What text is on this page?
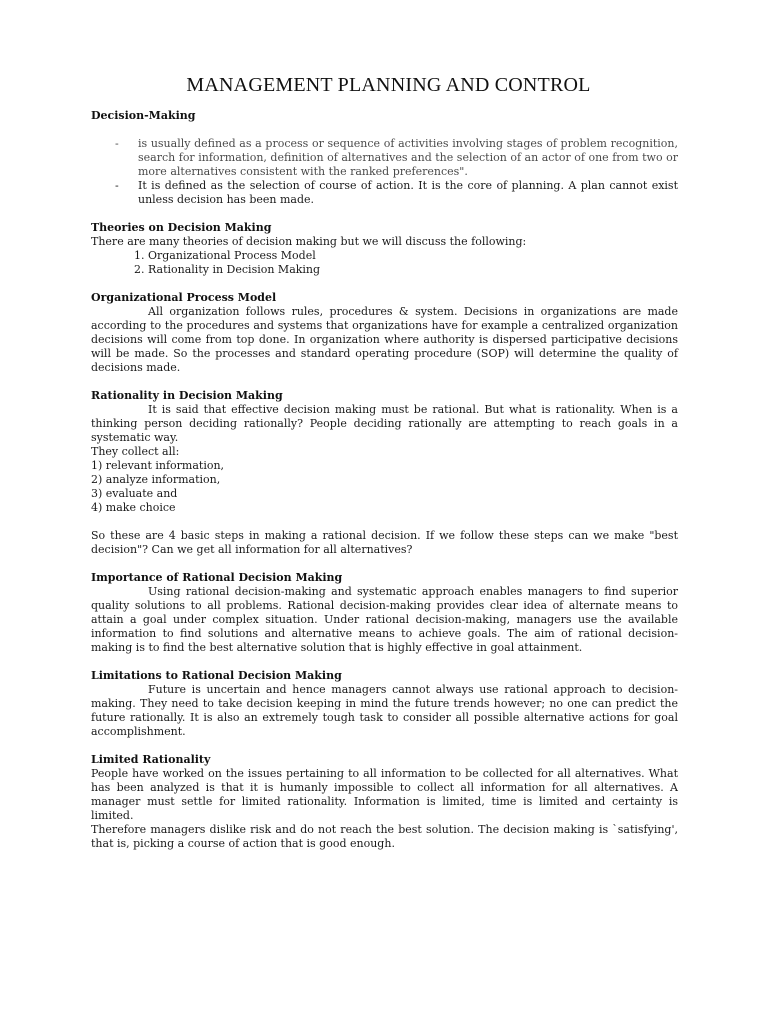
MANAGEMENT PLANNING AND CONTROL

Decision-Making

- is usually defined as a process or sequence of activities involving stages of problem recognition, search for information, definition of alternatives and the selection of an actor of one from two or more alternatives consistent with the ranked preferences".
- It is defined as the selection of course of action. It is the core of planning. A plan cannot exist unless decision has been made.

Theories on Decision Making

There are many theories of decision making but we will discuss the following:

1. Organizational Process Model

2. Rationality in Decision Making

Organizational Process Model

All organization follows rules, procedures & system. Decisions in organizations are made according to the procedures and systems that organizations have for example a centralized organization decisions will come from top done. In organization where authority is dispersed participative decisions will be made. So the processes and standard operating procedure (SOP) will determine the quality of decisions made.

Rationality in Decision Making

It is said that effective decision making must be rational. But what is rationality. When is a thinking person deciding rationally? People deciding rationally are attempting to reach goals in a systematic way.

They collect all:

1) relevant information,

2) analyze information,

3) evaluate and

4) make choice

So these are 4 basic steps in making a rational decision. If we follow these steps can we make "best decision"? Can we get all information for all alternatives?

Importance of Rational Decision Making

Using rational decision-making and systematic approach enables managers to find superior quality solutions to all problems. Rational decision-making provides clear idea of alternate means to attain a goal under complex situation. Under rational decision-making, managers use the available information to find solutions and alternative means to achieve goals. The aim of rational decision-making is to find the best alternative solution that is highly effective in goal attainment.

Limitations to Rational Decision Making

Future is uncertain and hence managers cannot always use rational approach to decision-making. They need to take decision keeping in mind the future trends however; no one can predict the future rationally. It is also an extremely tough task to consider all possible alternative actions for goal accomplishment.

Limited Rationality

People have worked on the issues pertaining to all information to be collected for all alternatives. What has been analyzed is that it is humanly impossible to collect all information for all alternatives. A manager must settle for limited rationality. Information is limited, time is limited and certainty is limited.

Therefore managers dislike risk and do not reach the best solution. The decision making is `satisfying', that is, picking a course of action that is good enough.
